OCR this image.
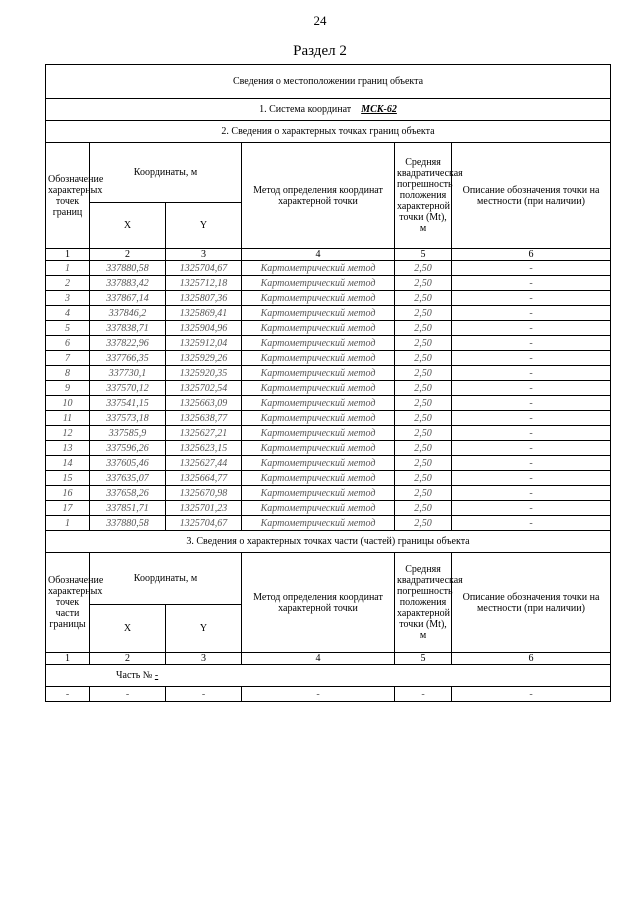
24
Раздел 2
Сведения о местоположении границ объекта					
1. Система координат МСК-62					
2. Сведения о характерных точках границ объекта					
Обозначение характерных точек границ	Координаты, м		Метод определения координат характерной точки	Средняя квадратическая погрешность положения характерной точки (Mt), м	Описание обозначения точки на местности (при наличии)
	X	Y			
1	2	3	4	5	6
1	337880,58	1325704,67	Картометрический метод	2,50	-
2	337883,42	1325712,18	Картометрический метод	2,50	-
3	337867,14	1325807,36	Картометрический метод	2,50	-
4	337846,2	1325869,41	Картометрический метод	2,50	-
5	337838,71	1325904,96	Картометрический метод	2,50	-
6	337822,96	1325912,04	Картометрический метод	2,50	-
7	337766,35	1325929,26	Картометрический метод	2,50	-
8	337730,1	1325920,35	Картометрический метод	2,50	-
9	337570,12	1325702,54	Картометрический метод	2,50	-
10	337541,15	1325663,09	Картометрический метод	2,50	-
11	337573,18	1325638,77	Картометрический метод	2,50	-
12	337585,9	1325627,21	Картометрический метод	2,50	-
13	337596,26	1325623,15	Картометрический метод	2,50	-
14	337605,46	1325627,44	Картометрический метод	2,50	-
15	337635,07	1325664,77	Картометрический метод	2,50	-
16	337658,26	1325670,98	Картометрический метод	2,50	-
17	337851,71	1325701,23	Картометрический метод	2,50	-
1	337880,58	1325704,67	Картометрический метод	2,50	-
3. Сведения о характерных точках части (частей) границы объекта					
Обозначение характерных точек части границы	Координаты, м		Метод определения координат характерной точки	Средняя квадратическая погрешность положения характерной точки (Mt), м	Описание обозначения точки на местности (при наличии)
	X	Y			
1	2	3	4	5	6
Часть № -					
-	-	-	-	-	-
